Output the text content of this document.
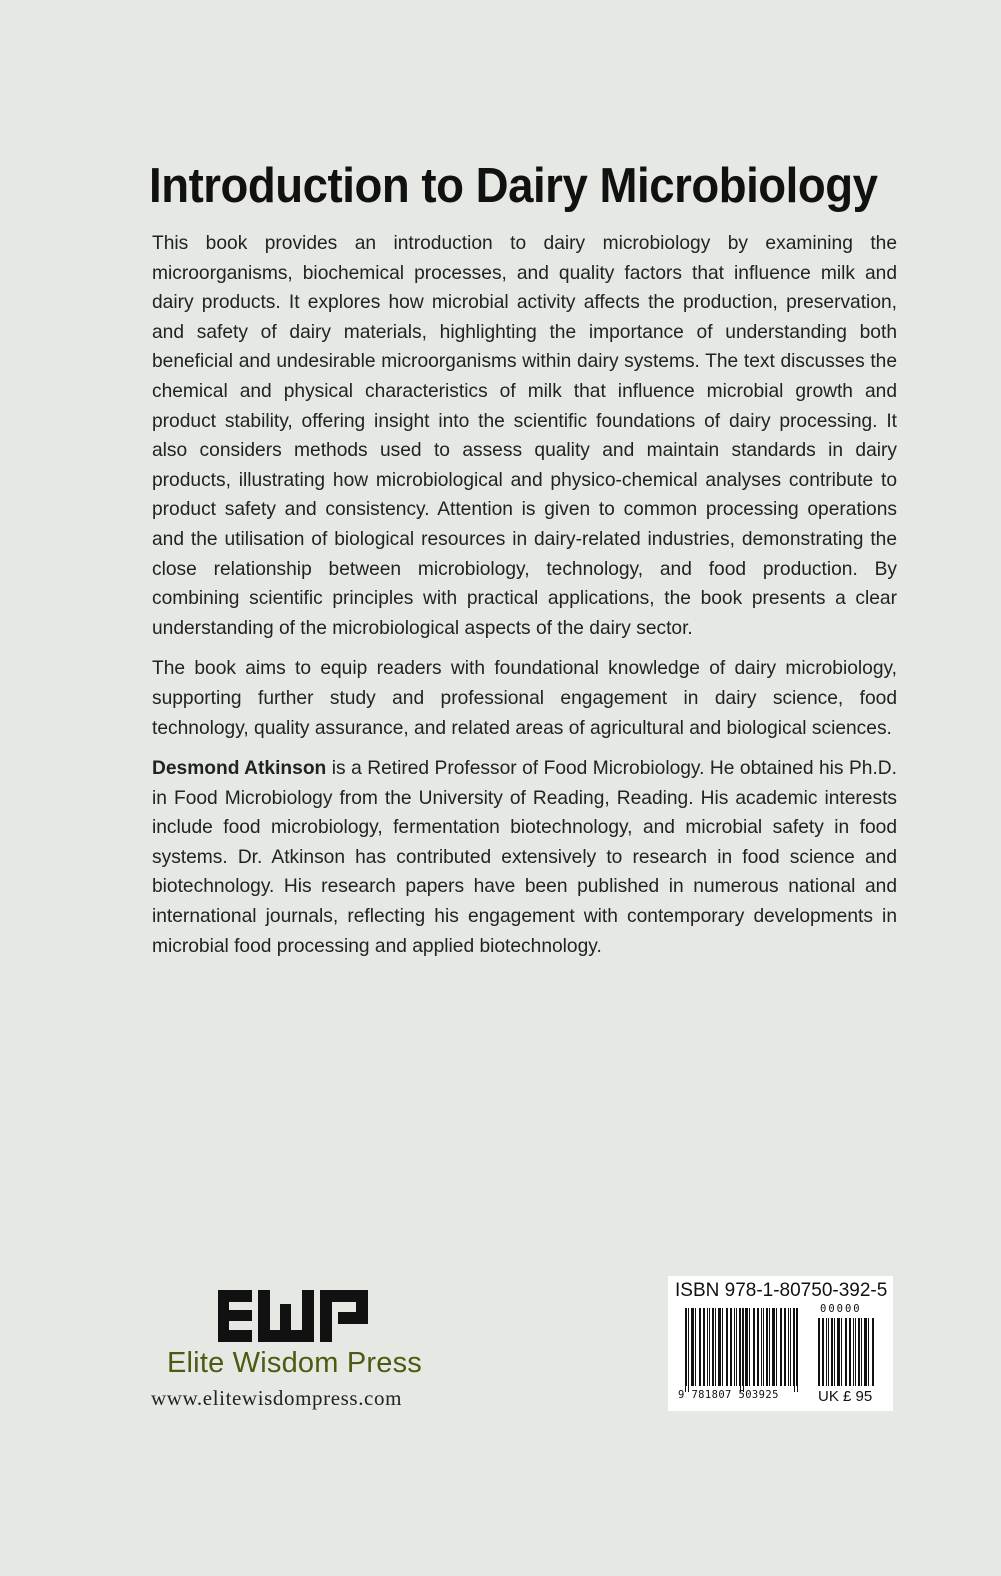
Introduction to Dairy Microbiology

This book provides an introduction to dairy microbiology by examining the microorganisms, biochemical processes, and quality factors that influence milk and dairy products. It explores how microbial activity affects the production, preservation, and safety of dairy materials, highlighting the importance of understanding both beneficial and undesirable microorganisms within dairy systems. The text discusses the chemical and physical characteristics of milk that influence microbial growth and product stability, offering insight into the scientific foundations of dairy processing. It also considers methods used to assess quality and maintain standards in dairy products, illustrating how microbiological and physico-chemical analyses contribute to product safety and consistency. Attention is given to common processing operations and the utilisation of biological resources in dairy-related industries, demonstrating the close relationship between microbiology, technology, and food production. By combining scientific principles with practical applications, the book presents a clear understanding of the microbiological aspects of the dairy sector.

The book aims to equip readers with foundational knowledge of dairy microbiology, supporting further study and professional engagement in dairy science, food technology, quality assurance, and related areas of agricultural and biological sciences.

Desmond Atkinson is a Retired Professor of Food Microbiology. He obtained his Ph.D. in Food Microbiology from the University of Reading, Reading. His academic interests include food microbiology, fermentation biotechnology, and microbial safety in food systems. Dr. Atkinson has contributed extensively to research in food science and biotechnology. His research papers have been published in numerous national and international journals, reflecting his engagement with contemporary developments in microbial food processing and applied biotechnology.

Elite Wisdom Press
www.elitewisdompress.com
ISBN 978-1-80750-392-5
00000
9 781807 503925	UK £ 95
